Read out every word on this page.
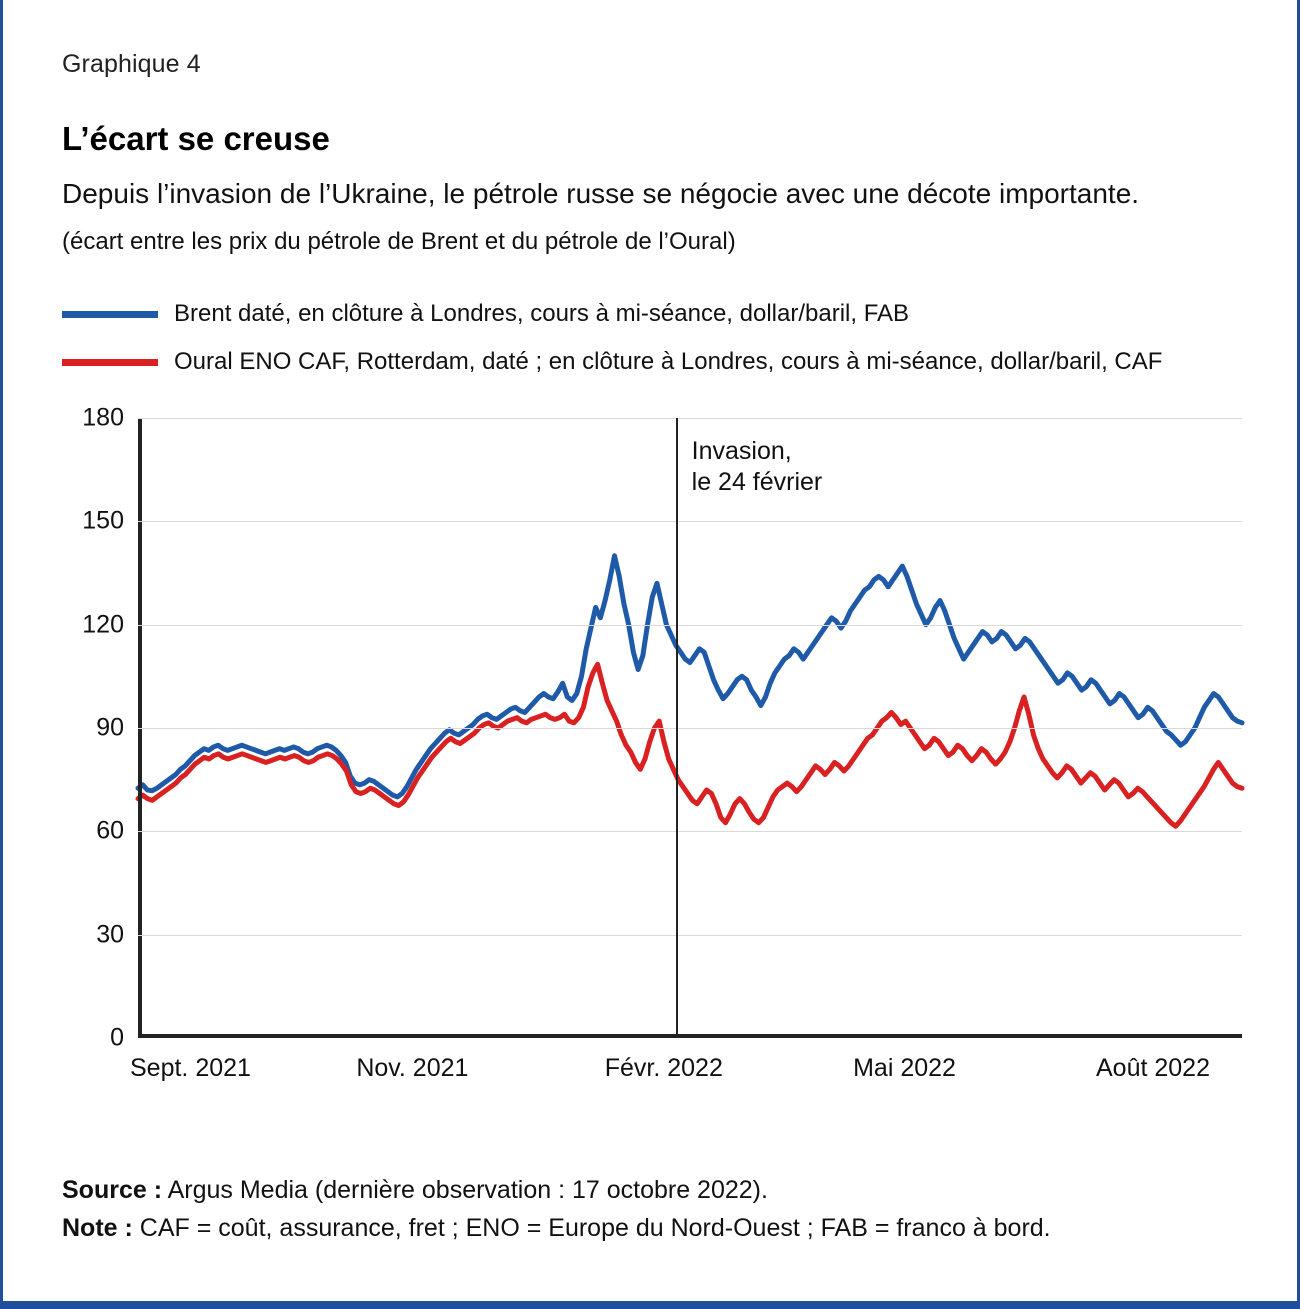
Graphique 4
L’écart se creuse
Depuis l’invasion de l’Ukraine, le pétrole russe se négocie avec une décote importante.
(écart entre les prix du pétrole de Brent et du pétrole de l’Oural)
Brent daté, en clôture à Londres, cours à mi-séance, dollar/baril, FAB
Oural ENO CAF, Rotterdam, daté ; en clôture à Londres, cours à mi-séance, dollar/baril, CAF
0
30
60
90
120
150
180
Invasion,
le 24 février
Sept. 2021	Nov. 2021	Févr. 2022	Mai 2022	Août 2022
Source : Argus Media (dernière observation : 17 octobre 2022).
Note : CAF = coût, assurance, fret ; ENO = Europe du Nord-Ouest ; FAB = franco à bord.
